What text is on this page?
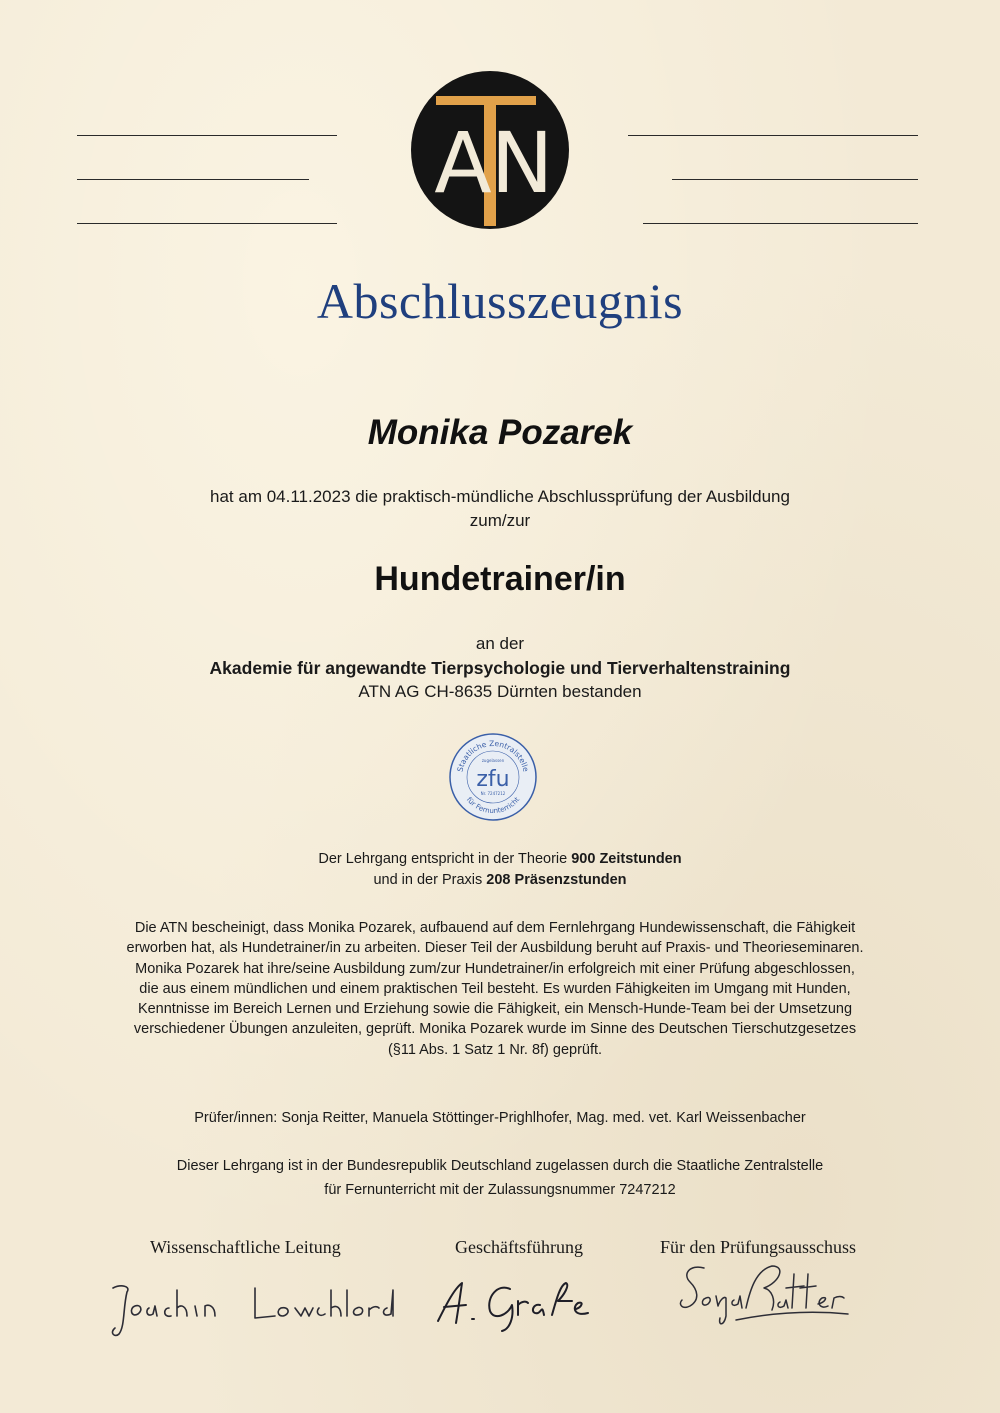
A
N
Abschlusszeugnis
Monika Pozarek
hat am 04.11.2023 die praktisch-mündliche Abschlussprüfung der Ausbildung
zum/zur
Hundetrainer/in
an der
Akademie für angewandte Tierpsychologie und Tierverhaltenstraining
ATN AG CH-8635 Dürnten bestanden
Staatliche Zentralstelle
zugelassen
zfu
Nr. 7247212
für Fernunterricht
Der Lehrgang entspricht in der Theorie 900 Zeitstunden
und in der Praxis 208 Präsenzstunden
Die ATN bescheinigt, dass Monika Pozarek, aufbauend auf dem Fernlehrgang Hundewissenschaft, die Fähigkeit erworben hat, als Hundetrainer/in zu arbeiten. Dieser Teil der Ausbildung beruht auf Praxis- und Theorieseminaren. Monika Pozarek hat ihre/seine Ausbildung zum/zur Hundetrainer/in erfolgreich mit einer Prüfung abgeschlossen, die aus einem mündlichen und einem praktischen Teil besteht. Es wurden Fähigkeiten im Umgang mit Hunden, Kenntnisse im Bereich Lernen und Erziehung sowie die Fähigkeit, ein Mensch-Hunde-Team bei der Umsetzung verschiedener Übungen anzuleiten, geprüft. Monika Pozarek wurde im Sinne des Deutschen Tierschutzgesetzes (§11 Abs. 1 Satz 1 Nr. 8f) geprüft.
Prüfer/innen: Sonja Reitter, Manuela Stöttinger-Prighlhofer, Mag. med. vet. Karl Weissenbacher
Dieser Lehrgang ist in der Bundesrepublik Deutschland zugelassen durch die Staatliche Zentralstelle
für Fernunterricht mit der Zulassungsnummer 7247212
Wissenschaftliche Leitung	Geschäftsführung	Für den Prüfungsausschuss
